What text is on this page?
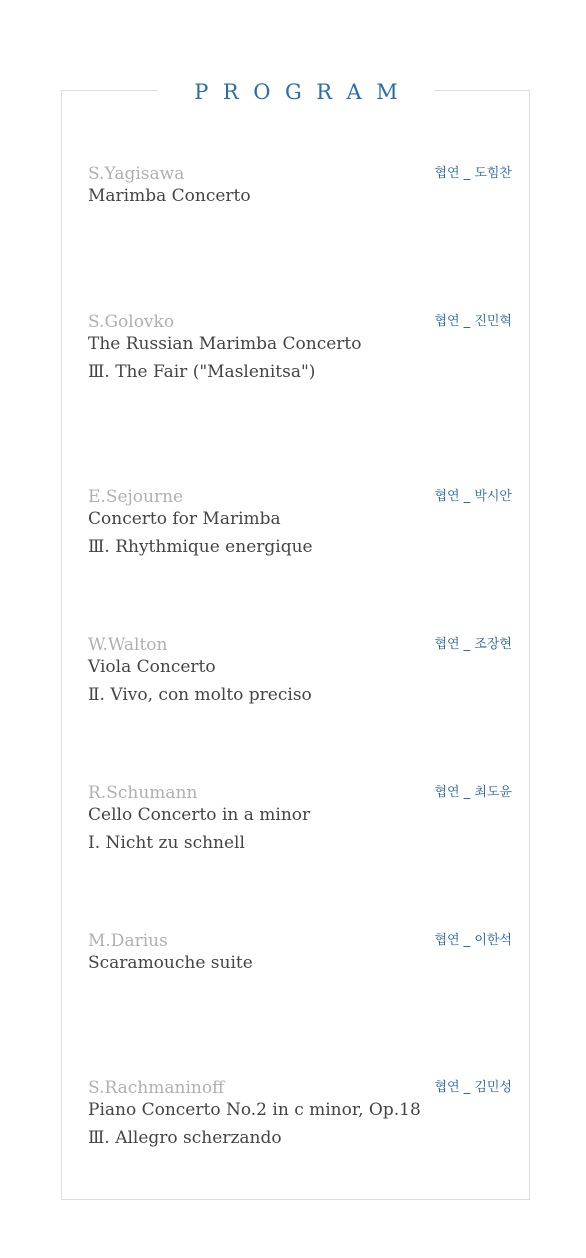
PROGRAM
S.Yagisawa	협연 _ 도힘찬
Marimba Concerto
S.Golovko	협연 _ 진민혁
The Russian Marimba Concerto
Ⅲ. The Fair ("Maslenitsa")
E.Sejourne	협연 _ 박시안
Concerto for Marimba
Ⅲ. Rhythmique energique
W.Walton	협연 _ 조장현
Viola Concerto
Ⅱ. Vivo, con molto preciso
R.Schumann	협연 _ 최도윤
Cello Concerto in a minor
Ⅰ. Nicht zu schnell
M.Darius	협연 _ 이한석
Scaramouche suite
S.Rachmaninoff	협연 _ 김민성
Piano Concerto No.2 in c minor, Op.18
Ⅲ. Allegro scherzando
